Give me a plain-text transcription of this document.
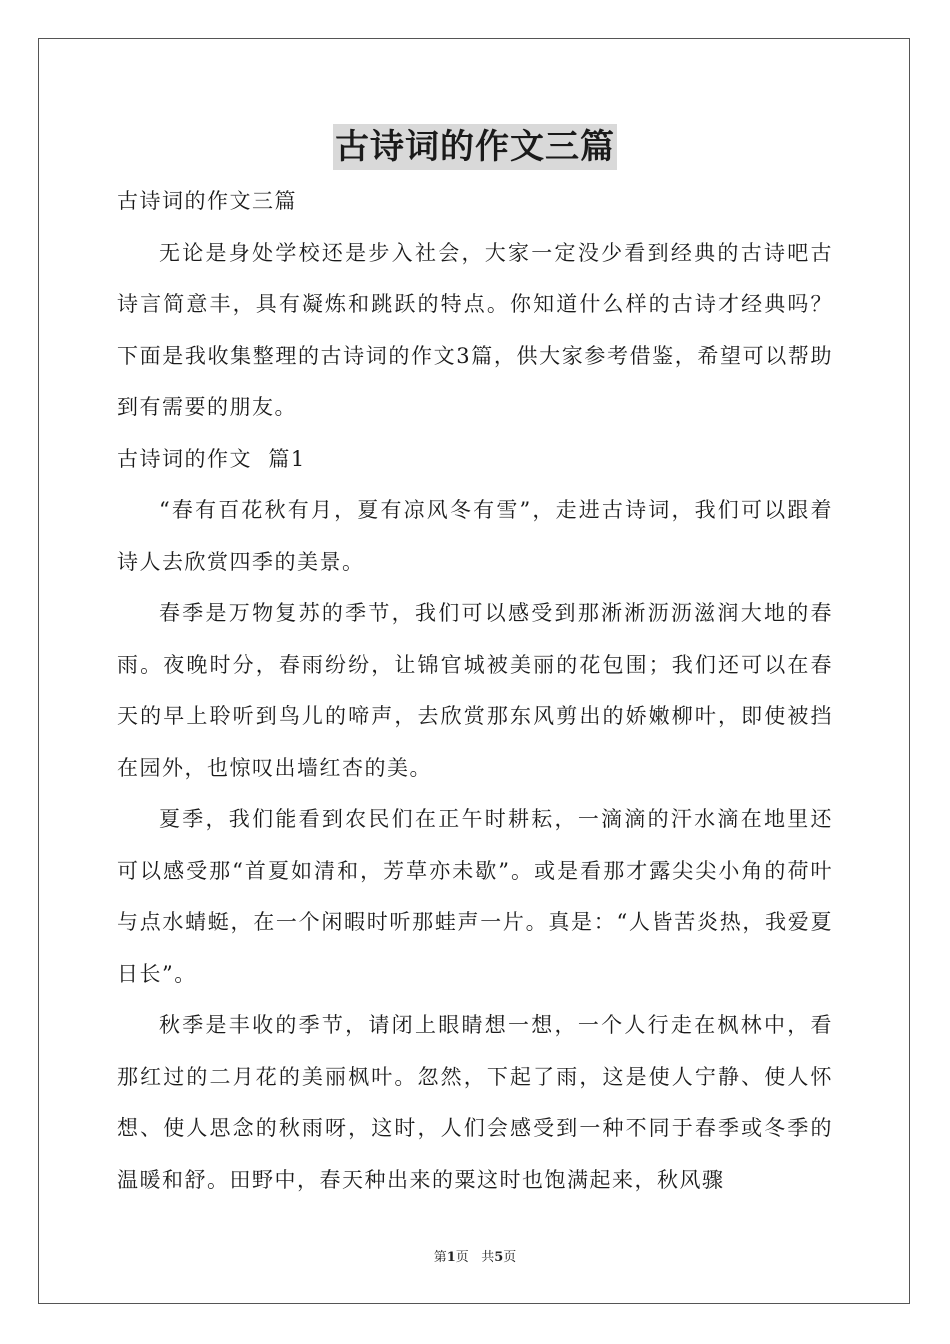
古诗词的作文三篇

古诗词的作文三篇

无论是身处学校还是步入社会，大家一定没少看到经典的古诗吧古诗言简意丰，具有凝炼和跳跃的特点。你知道什么样的古诗才经典吗？下面是我收集整理的古诗词的作文3篇，供大家参考借鉴，希望可以帮助到有需要的朋友。

古诗词的作文  篇1

“春有百花秋有月，夏有凉风冬有雪”，走进古诗词，我们可以跟着诗人去欣赏四季的美景。

春季是万物复苏的季节，我们可以感受到那淅淅沥沥滋润大地的春雨。夜晚时分，春雨纷纷，让锦官城被美丽的花包围；我们还可以在春天的早上聆听到鸟儿的啼声，去欣赏那东风剪出的娇嫩柳叶，即使被挡在园外，也惊叹出墙红杏的美。

夏季，我们能看到农民们在正午时耕耘，一滴滴的汗水滴在地里还可以感受那“首夏如清和，芳草亦未歇”。或是看那才露尖尖小角的荷叶与点水蜻蜓，在一个闲暇时听那蛙声一片。真是：“人皆苦炎热，我爱夏日长”。

秋季是丰收的季节，请闭上眼睛想一想，一个人行走在枫林中，看那红过的二月花的美丽枫叶。忽然，下起了雨，这是使人宁静、使人怀想、使人思念的秋雨呀，这时，人们会感受到一种不同于春季或冬季的温暖和舒。田野中，春天种出来的粟这时也饱满起来，秋风骤

第1页   共5页
